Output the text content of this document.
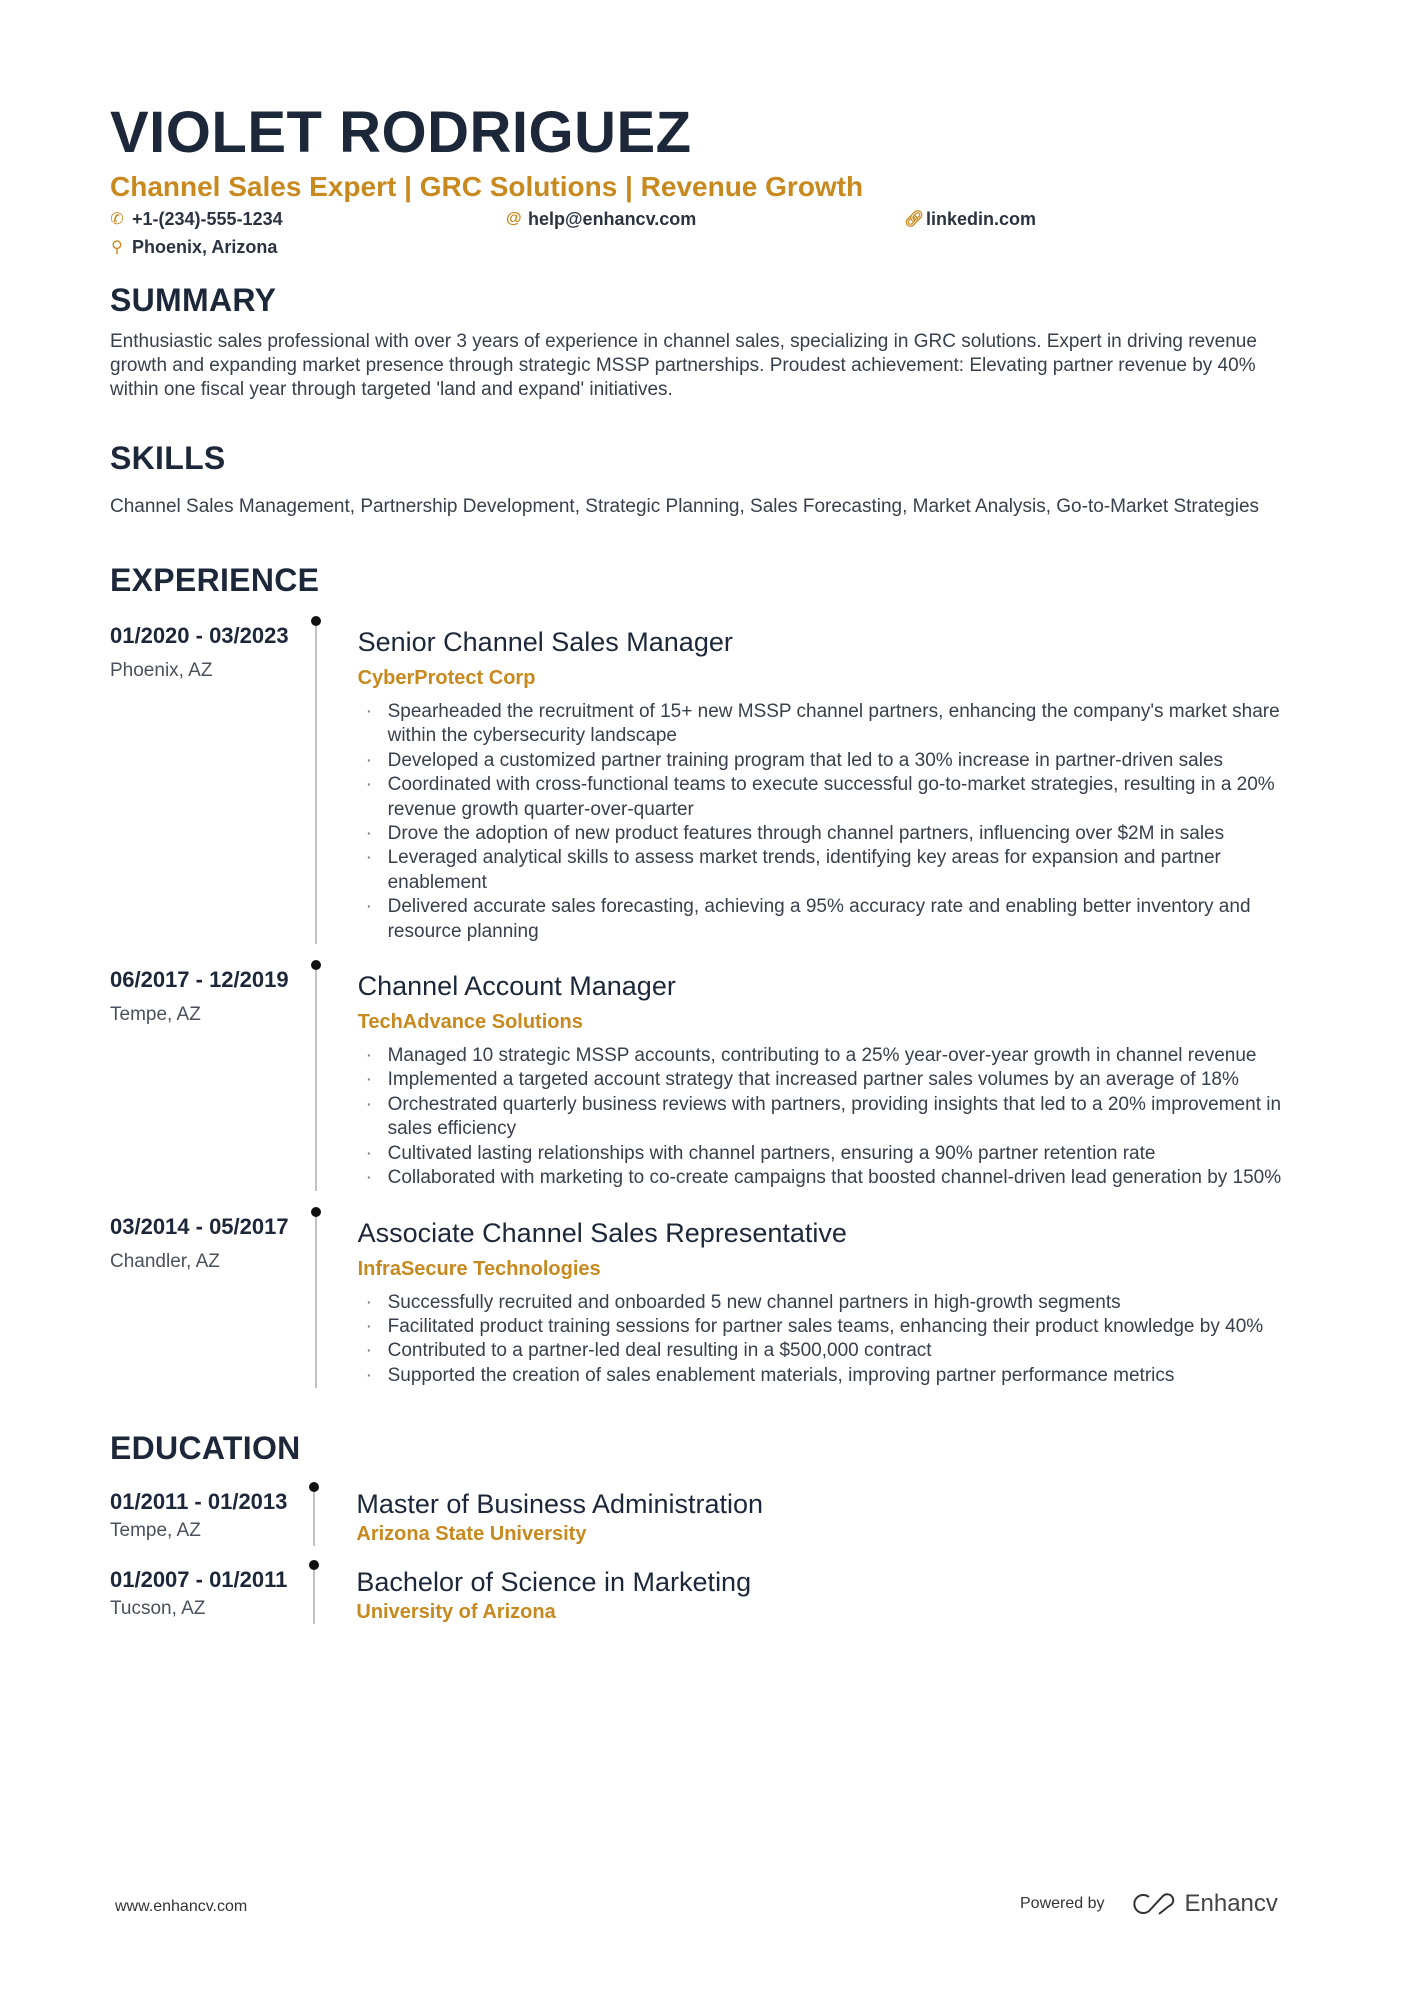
VIOLET RODRIGUEZ
Channel Sales Expert | GRC Solutions | Revenue Growth
✆ +1-(234)-555-1234	@ help@enhancv.com	🔗︎ linkedin.com
⚲ Phoenix, Arizona
SUMMARY

Enthusiastic sales professional with over 3 years of experience in channel sales, specializing in GRC solutions. Expert in driving revenue growth and expanding market presence through strategic MSSP partnerships. Proudest achievement: Elevating partner revenue by 40% within one fiscal year through targeted 'land and expand' initiatives.

SKILLS

Channel Sales Management, Partnership Development, Strategic Planning, Sales Forecasting, Market Analysis, Go-to-Market Strategies

EXPERIENCE
01/2020 - 03/2023
Phoenix, AZ
Senior Channel Sales Manager
CyberProtect Corp
· Spearheaded the recruitment of 15+ new MSSP channel partners, enhancing the company's market share within the cybersecurity landscape
· Developed a customized partner training program that led to a 30% increase in partner-driven sales
· Coordinated with cross-functional teams to execute successful go-to-market strategies, resulting in a 20% revenue growth quarter-over-quarter
· Drove the adoption of new product features through channel partners, influencing over $2M in sales
· Leveraged analytical skills to assess market trends, identifying key areas for expansion and partner enablement
· Delivered accurate sales forecasting, achieving a 95% accuracy rate and enabling better inventory and resource planning
06/2017 - 12/2019
Tempe, AZ
Channel Account Manager
TechAdvance Solutions
· Managed 10 strategic MSSP accounts, contributing to a 25% year-over-year growth in channel revenue
· Implemented a targeted account strategy that increased partner sales volumes by an average of 18%
· Orchestrated quarterly business reviews with partners, providing insights that led to a 20% improvement in sales efficiency
· Cultivated lasting relationships with channel partners, ensuring a 90% partner retention rate
· Collaborated with marketing to co-create campaigns that boosted channel-driven lead generation by 150%
03/2014 - 05/2017
Chandler, AZ
Associate Channel Sales Representative
InfraSecure Technologies
· Successfully recruited and onboarded 5 new channel partners in high-growth segments
· Facilitated product training sessions for partner sales teams, enhancing their product knowledge by 40%
· Contributed to a partner-led deal resulting in a $500,000 contract
· Supported the creation of sales enablement materials, improving partner performance metrics
EDUCATION
01/2011 - 01/2013
Tempe, AZ
Master of Business Administration
Arizona State University
01/2007 - 01/2011
Tucson, AZ
Bachelor of Science in Marketing
University of Arizona
www.enhancv.com	Powered by	Enhancv
